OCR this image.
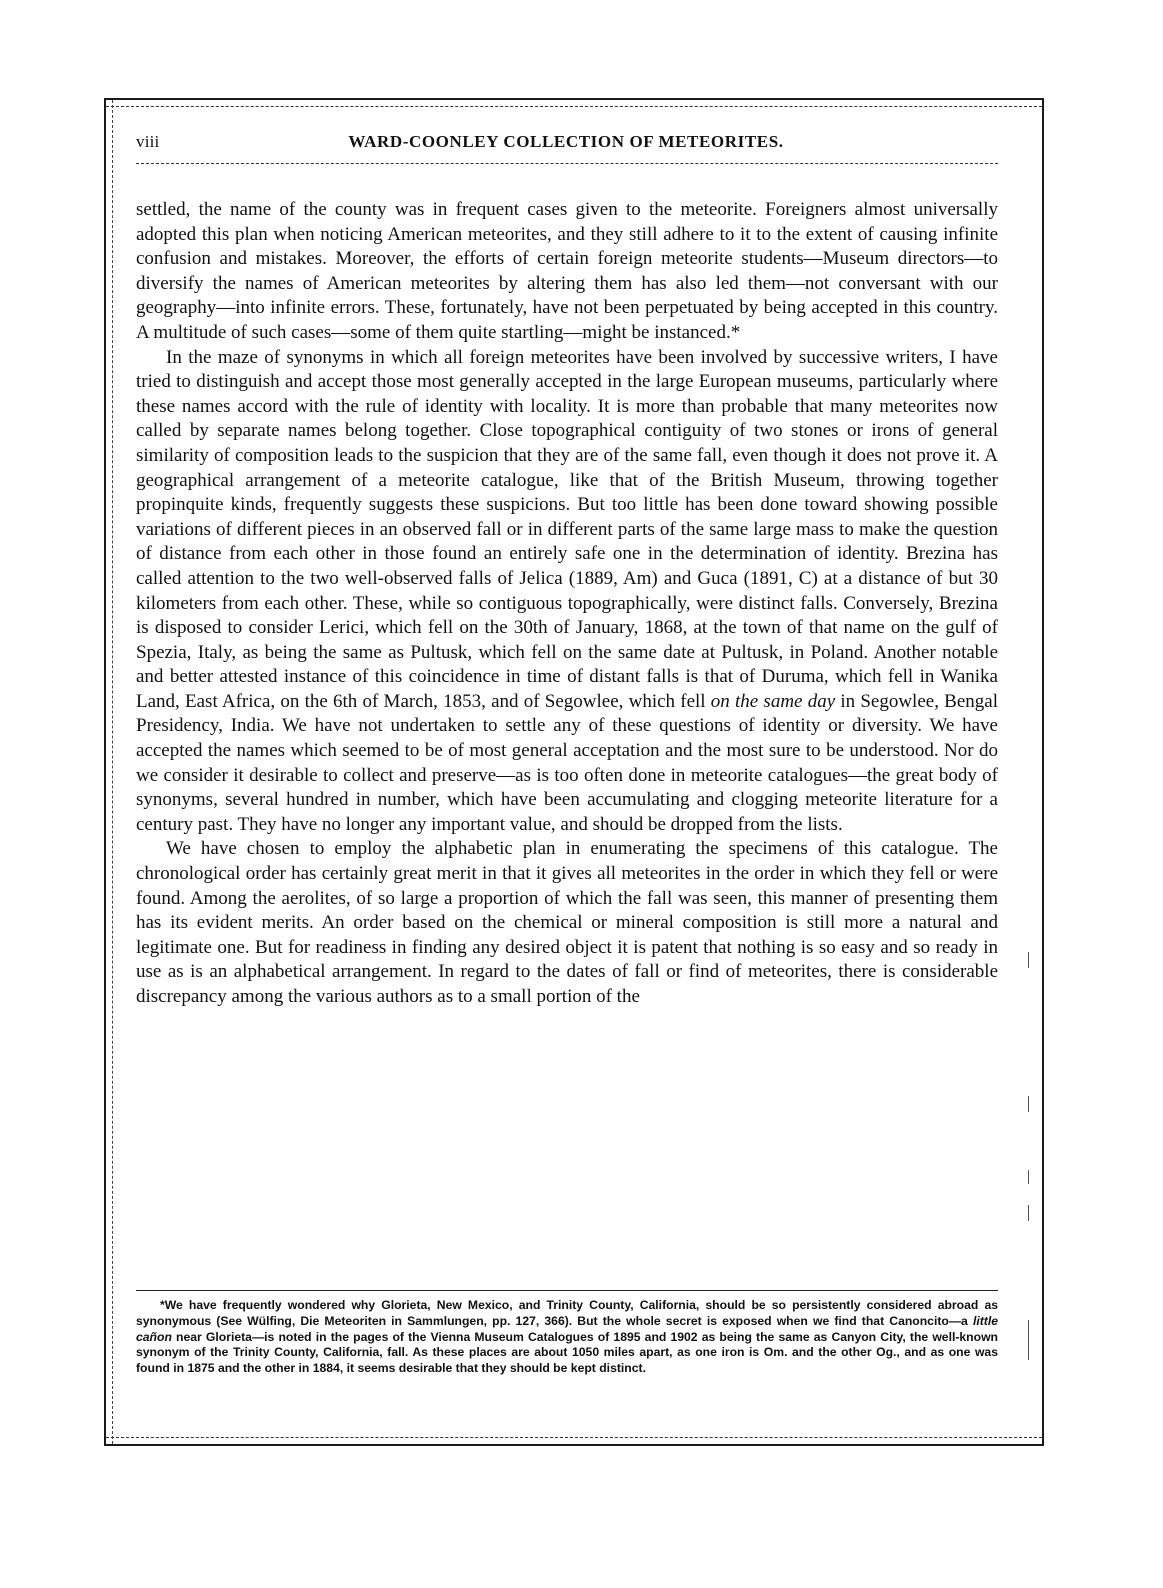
viii	WARD-COONLEY COLLECTION OF METEORITES.

settled, the name of the county was in frequent cases given to the meteorite. Foreigners almost universally adopted this plan when noticing American meteorites, and they still adhere to it to the extent of causing infinite confusion and mistakes. Moreover, the efforts of certain foreign meteorite students—Museum directors—to diversify the names of American meteorites by altering them has also led them—not conversant with our geography—into infinite errors. These, fortunately, have not been perpetuated by being accepted in this country. A multitude of such cases—some of them quite startling—might be instanced.*

In the maze of synonyms in which all foreign meteorites have been involved by successive writers, I have tried to distinguish and accept those most generally accepted in the large European museums, particularly where these names accord with the rule of identity with locality. It is more than probable that many meteorites now called by separate names belong together. Close topographical contiguity of two stones or irons of general similarity of composition leads to the suspicion that they are of the same fall, even though it does not prove it. A geographical arrangement of a meteorite catalogue, like that of the British Museum, throwing together propinquite kinds, frequently suggests these suspicions. But too little has been done toward showing possible variations of different pieces in an observed fall or in different parts of the same large mass to make the question of distance from each other in those found an entirely safe one in the determination of identity. Brezina has called attention to the two well-observed falls of Jelica (1889, Am) and Guca (1891, C) at a distance of but 30 kilometers from each other. These, while so contiguous topographically, were distinct falls. Conversely, Brezina is disposed to consider Lerici, which fell on the 30th of January, 1868, at the town of that name on the gulf of Spezia, Italy, as being the same as Pultusk, which fell on the same date at Pultusk, in Poland. Another notable and better attested instance of this coincidence in time of distant falls is that of Duruma, which fell in Wanika Land, East Africa, on the 6th of March, 1853, and of Segowlee, which fell on the same day in Segowlee, Bengal Presidency, India. We have not undertaken to settle any of these questions of identity or diversity. We have accepted the names which seemed to be of most general acceptation and the most sure to be understood. Nor do we consider it desirable to collect and preserve—as is too often done in meteorite catalogues—the great body of synonyms, several hundred in number, which have been accumulating and clogging meteorite literature for a century past. They have no longer any important value, and should be dropped from the lists.

We have chosen to employ the alphabetic plan in enumerating the specimens of this catalogue. The chronological order has certainly great merit in that it gives all meteorites in the order in which they fell or were found. Among the aerolites, of so large a proportion of which the fall was seen, this manner of presenting them has its evident merits. An order based on the chemical or mineral composition is still more a natural and legitimate one. But for readiness in finding any desired object it is patent that nothing is so easy and so ready in use as is an alphabetical arrangement. In regard to the dates of fall or find of meteorites, there is considerable discrepancy among the various authors as to a small portion of the

*We have frequently wondered why Glorieta, New Mexico, and Trinity County, California, should be so persistently considered abroad as synonymous (See Wülfing, Die Meteoriten in Sammlungen, pp. 127, 366). But the whole secret is exposed when we find that Canoncito—a little cañon near Glorieta—is noted in the pages of the Vienna Museum Catalogues of 1895 and 1902 as being the same as Canyon City, the well-known synonym of the Trinity County, California, fall. As these places are about 1050 miles apart, as one iron is Om. and the other Og., and as one was found in 1875 and the other in 1884, it seems desirable that they should be kept distinct.
